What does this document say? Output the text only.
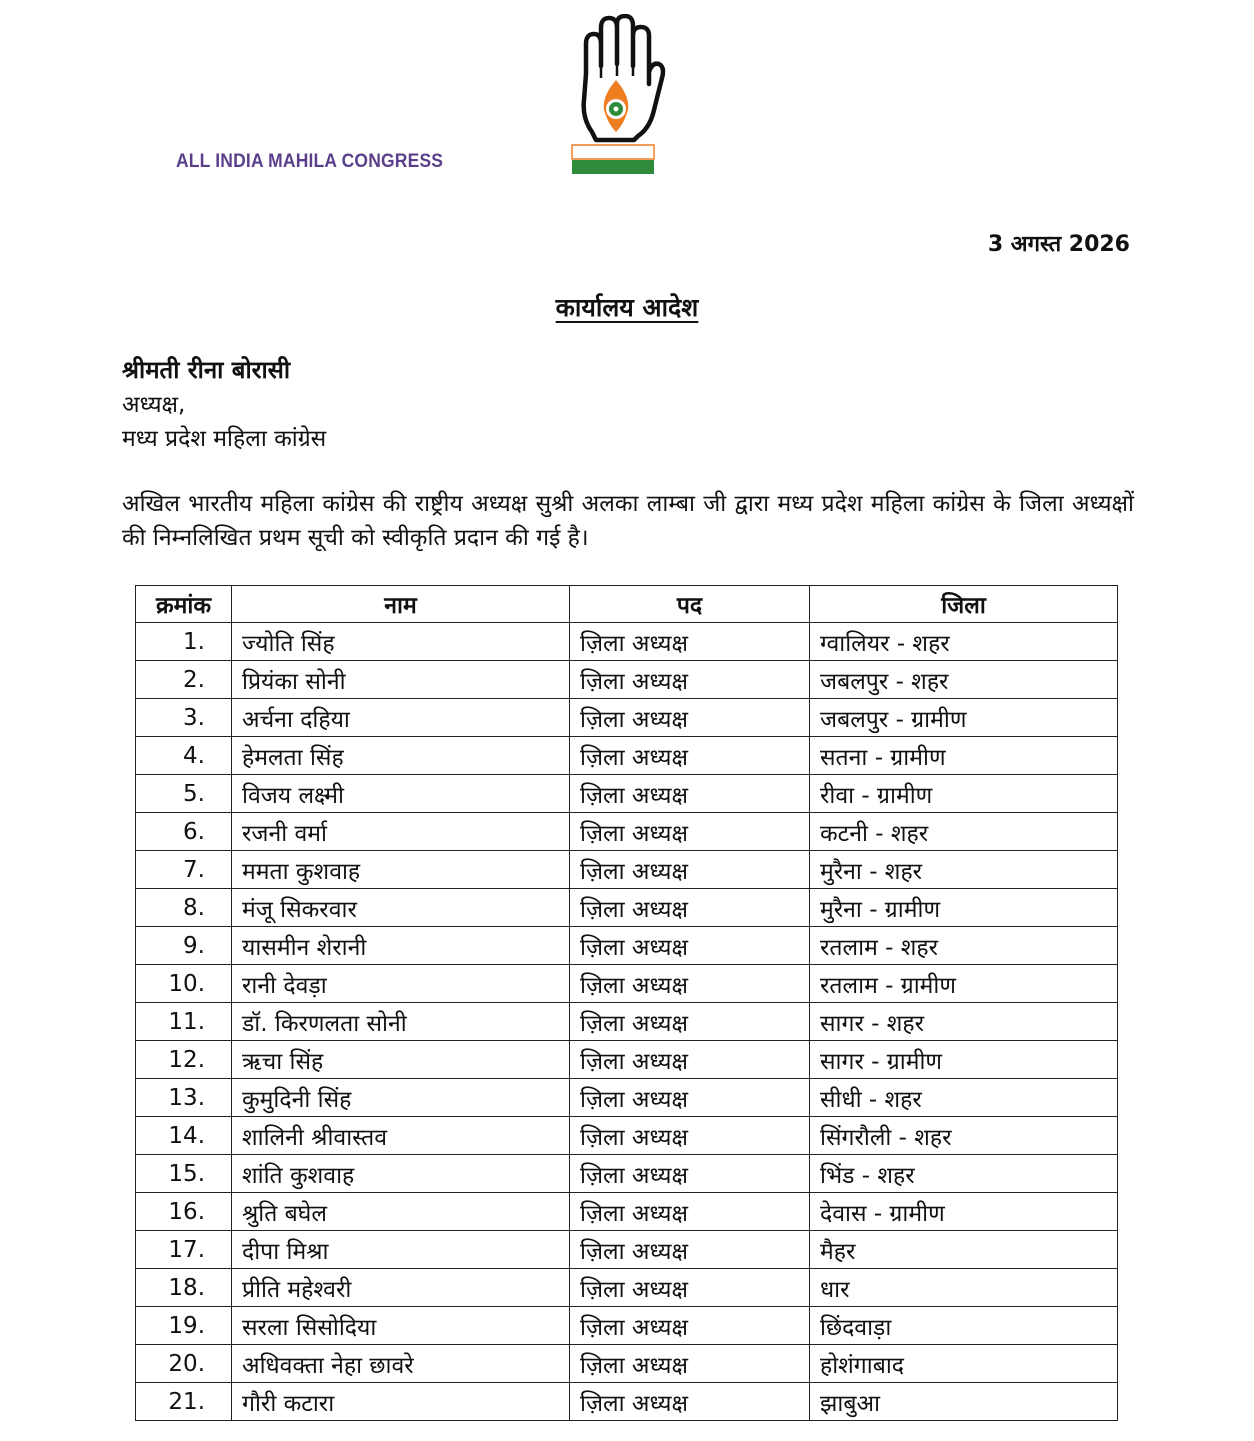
ALL INDIA MAHILA CONGRESS
3 अगस्त 2026
कार्यालय आदेश
श्रीमती रीना बोरासी
अध्यक्ष,
मध्य प्रदेश महिला कांग्रेस
अखिल भारतीय महिला कांग्रेस की राष्ट्रीय अध्यक्ष सुश्री अलका लाम्बा जी द्वारा मध्य प्रदेश महिला कांग्रेस के जिला अध्यक्षों की निम्नलिखित प्रथम सूची को स्वीकृति प्रदान की गई है।
क्रमांक	नाम	पद	जिला
1.	ज्योति सिंह	ज़िला अध्यक्ष	ग्वालियर - शहर
2.	प्रियंका सोनी	ज़िला अध्यक्ष	जबलपुर - शहर
3.	अर्चना दहिया	ज़िला अध्यक्ष	जबलपुर - ग्रामीण
4.	हेमलता सिंह	ज़िला अध्यक्ष	सतना - ग्रामीण
5.	विजय लक्ष्मी	ज़िला अध्यक्ष	रीवा - ग्रामीण
6.	रजनी वर्मा	ज़िला अध्यक्ष	कटनी - शहर
7.	ममता कुशवाह	ज़िला अध्यक्ष	मुरैना - शहर
8.	मंजू सिकरवार	ज़िला अध्यक्ष	मुरैना - ग्रामीण
9.	यासमीन शेरानी	ज़िला अध्यक्ष	रतलाम - शहर
10.	रानी देवड़ा	ज़िला अध्यक्ष	रतलाम - ग्रामीण
11.	डॉ. किरणलता सोनी	ज़िला अध्यक्ष	सागर - शहर
12.	ऋचा सिंह	ज़िला अध्यक्ष	सागर - ग्रामीण
13.	कुमुदिनी सिंह	ज़िला अध्यक्ष	सीधी - शहर
14.	शालिनी श्रीवास्तव	ज़िला अध्यक्ष	सिंगरौली - शहर
15.	शांति कुशवाह	ज़िला अध्यक्ष	भिंड - शहर
16.	श्रुति बघेल	ज़िला अध्यक्ष	देवास - ग्रामीण
17.	दीपा मिश्रा	ज़िला अध्यक्ष	मैहर
18.	प्रीति महेश्वरी	ज़िला अध्यक्ष	धार
19.	सरला सिसोदिया	ज़िला अध्यक्ष	छिंदवाड़ा
20.	अधिवक्ता नेहा छावरे	ज़िला अध्यक्ष	होशंगाबाद
21.	गौरी कटारा	ज़िला अध्यक्ष	झाबुआ
